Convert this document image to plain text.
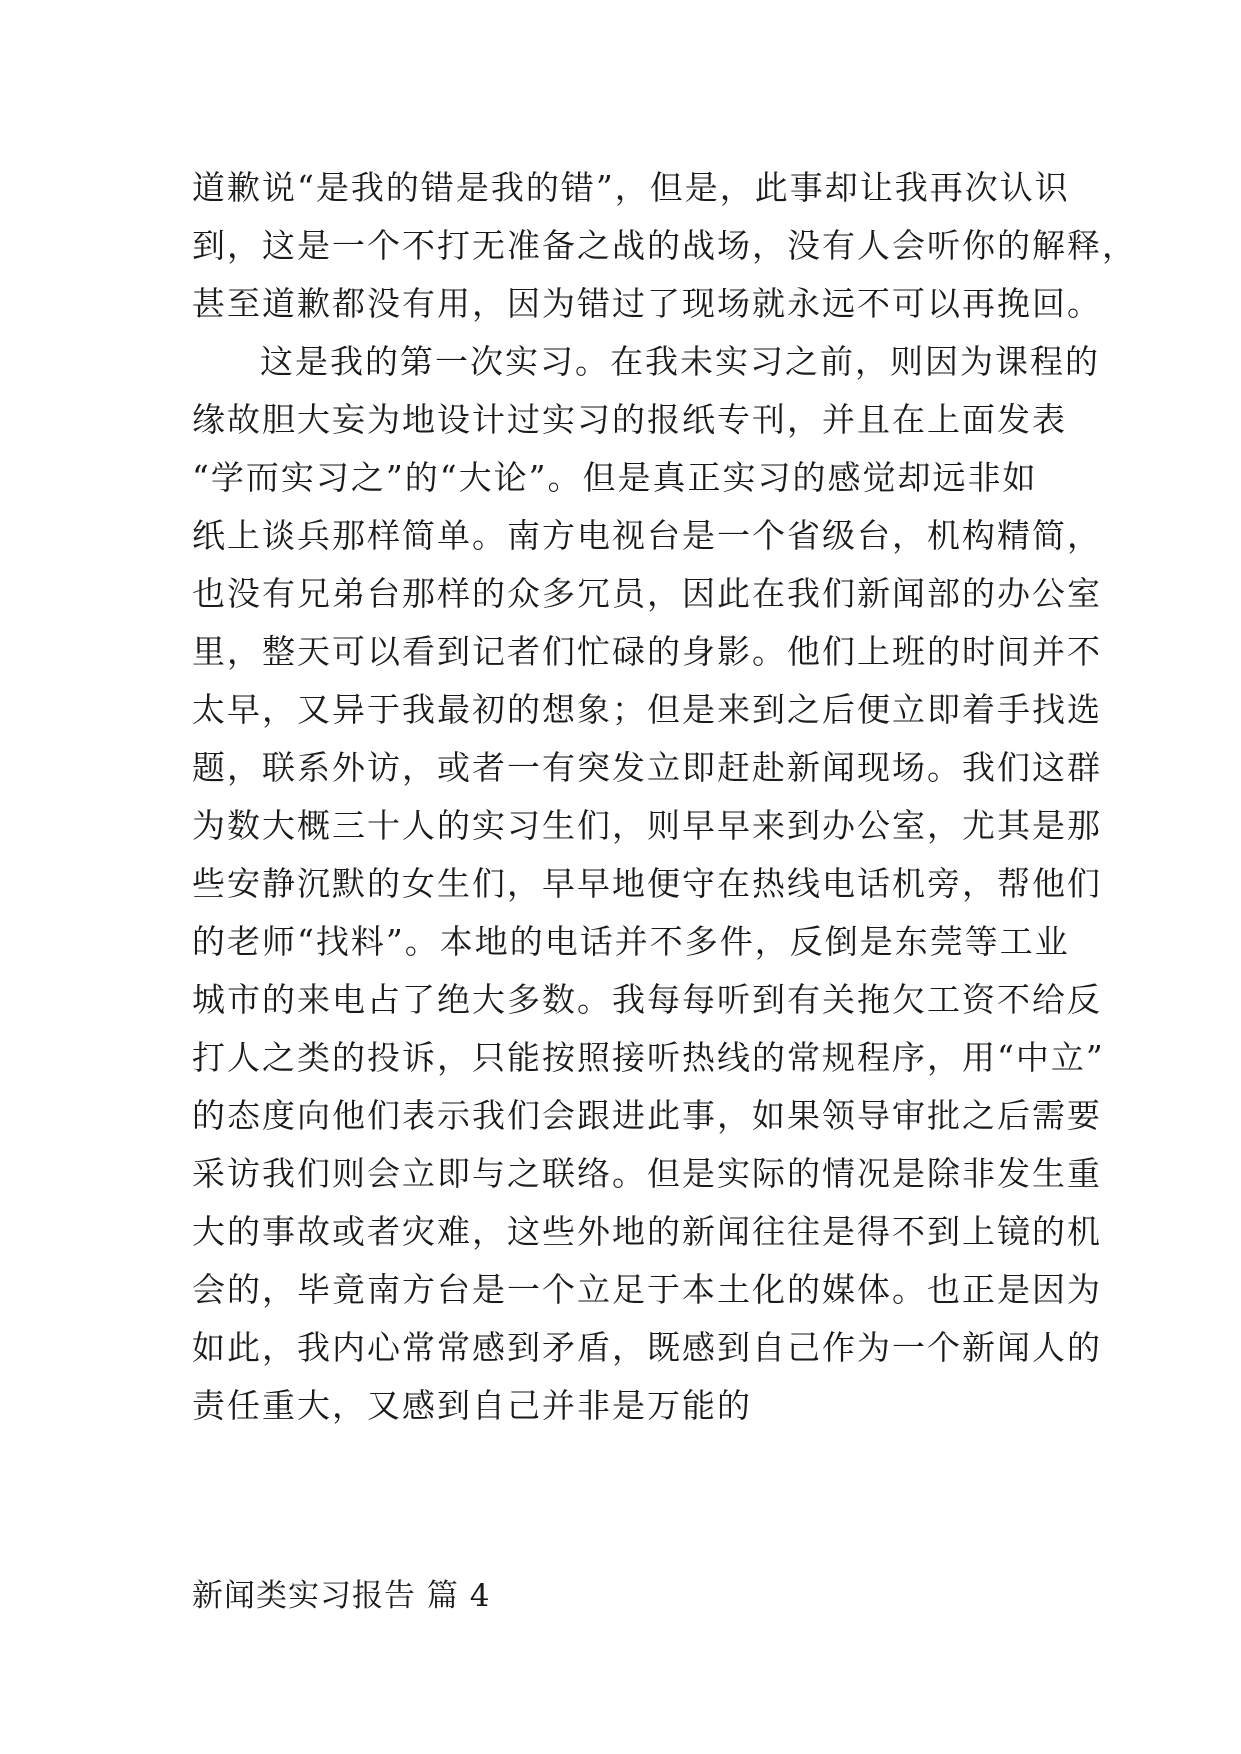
道歉说“是我的错是我的错”，但是，此事却让我再次认识
到，这是一个不打无准备之战的战场，没有人会听你的解释，
甚至道歉都没有用，因为错过了现场就永远不可以再挽回。
这是我的第一次实习。在我未实习之前，则因为课程的
缘故胆大妄为地设计过实习的报纸专刊，并且在上面发表
“学而实习之”的“大论”。但是真正实习的感觉却远非如
纸上谈兵那样简单。南方电视台是一个省级台，机构精简，
也没有兄弟台那样的众多冗员，因此在我们新闻部的办公室
里，整天可以看到记者们忙碌的身影。他们上班的时间并不
太早，又异于我最初的想象；但是来到之后便立即着手找选
题，联系外访，或者一有突发立即赶赴新闻现场。我们这群
为数大概三十人的实习生们，则早早来到办公室，尤其是那
些安静沉默的女生们，早早地便守在热线电话机旁，帮他们
的老师“找料”。本地的电话并不多件，反倒是东莞等工业
城市的来电占了绝大多数。我每每听到有关拖欠工资不给反
打人之类的投诉，只能按照接听热线的常规程序，用“中立”
的态度向他们表示我们会跟进此事，如果领导审批之后需要
采访我们则会立即与之联络。但是实际的情况是除非发生重
大的事故或者灾难，这些外地的新闻往往是得不到上镜的机
会的，毕竟南方台是一个立足于本土化的媒体。也正是因为
如此，我内心常常感到矛盾，既感到自己作为一个新闻人的
责任重大，又感到自己并非是万能的
新闻类实习报告 篇 4
